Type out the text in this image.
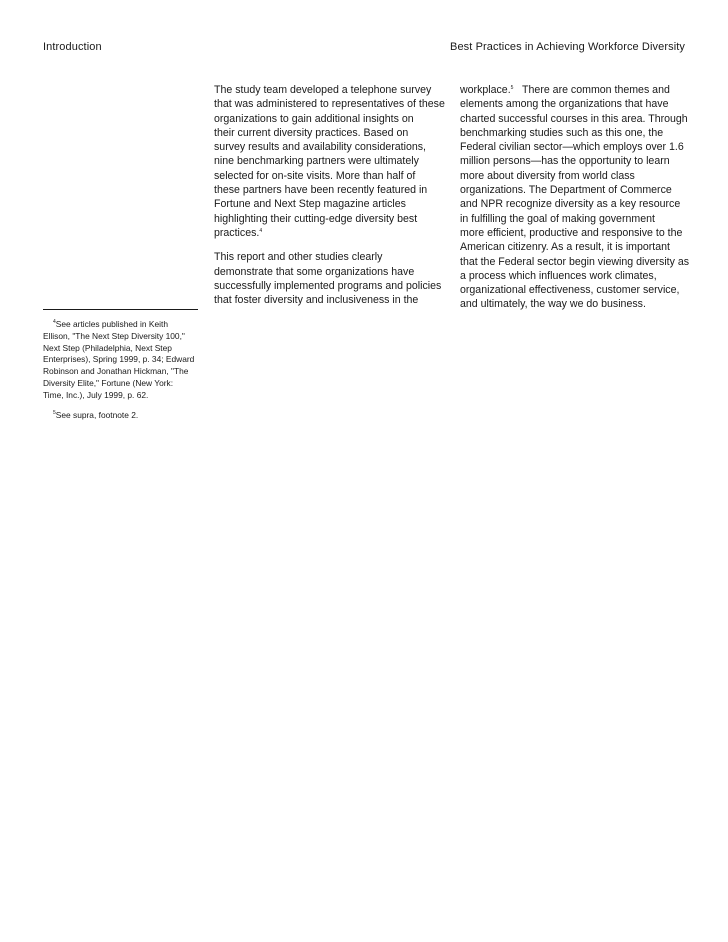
Introduction	Best Practices in Achieving Workforce Diversity
The study team developed a telephone survey
that was administered to representatives of these
organizations to gain additional insights on
their current diversity practices. Based on
survey results and availability considerations,
nine benchmarking partners were ultimately
selected for on-site visits. More than half of
these partners have been recently featured in
Fortune and Next Step magazine articles
highlighting their cutting-edge diversity best
practices.$^4$
This report and other studies clearly
demonstrate that some organizations have
successfully implemented programs and policies
that foster diversity and inclusiveness in the
workplace.$^5$   There are common themes and
elements among the organizations that have
charted successful courses in this area. Through
benchmarking studies such as this one, the
Federal civilian sector—which employs over 1.6
million persons—has the opportunity to learn
more about diversity from world class
organizations. The Department of Commerce
and NPR recognize diversity as a key resource
in fulfilling the goal of making government
more efficient, productive and responsive to the
American citizenry. As a result, it is important
that the Federal sector begin viewing diversity as
a process which influences work climates,
organizational effectiveness, customer service,
and ultimately, the way we do business.
$^4$See articles published in Keith
Ellison, "The Next Step Diversity 100,"
Next Step (Philadelphia, Next Step
Enterprises), Spring 1999, p. 34; Edward
Robinson and Jonathan Hickman, "The
Diversity Elite," Fortune (New York:
Time, Inc.), July 1999, p. 62.
$^5$See supra, footnote 2.
